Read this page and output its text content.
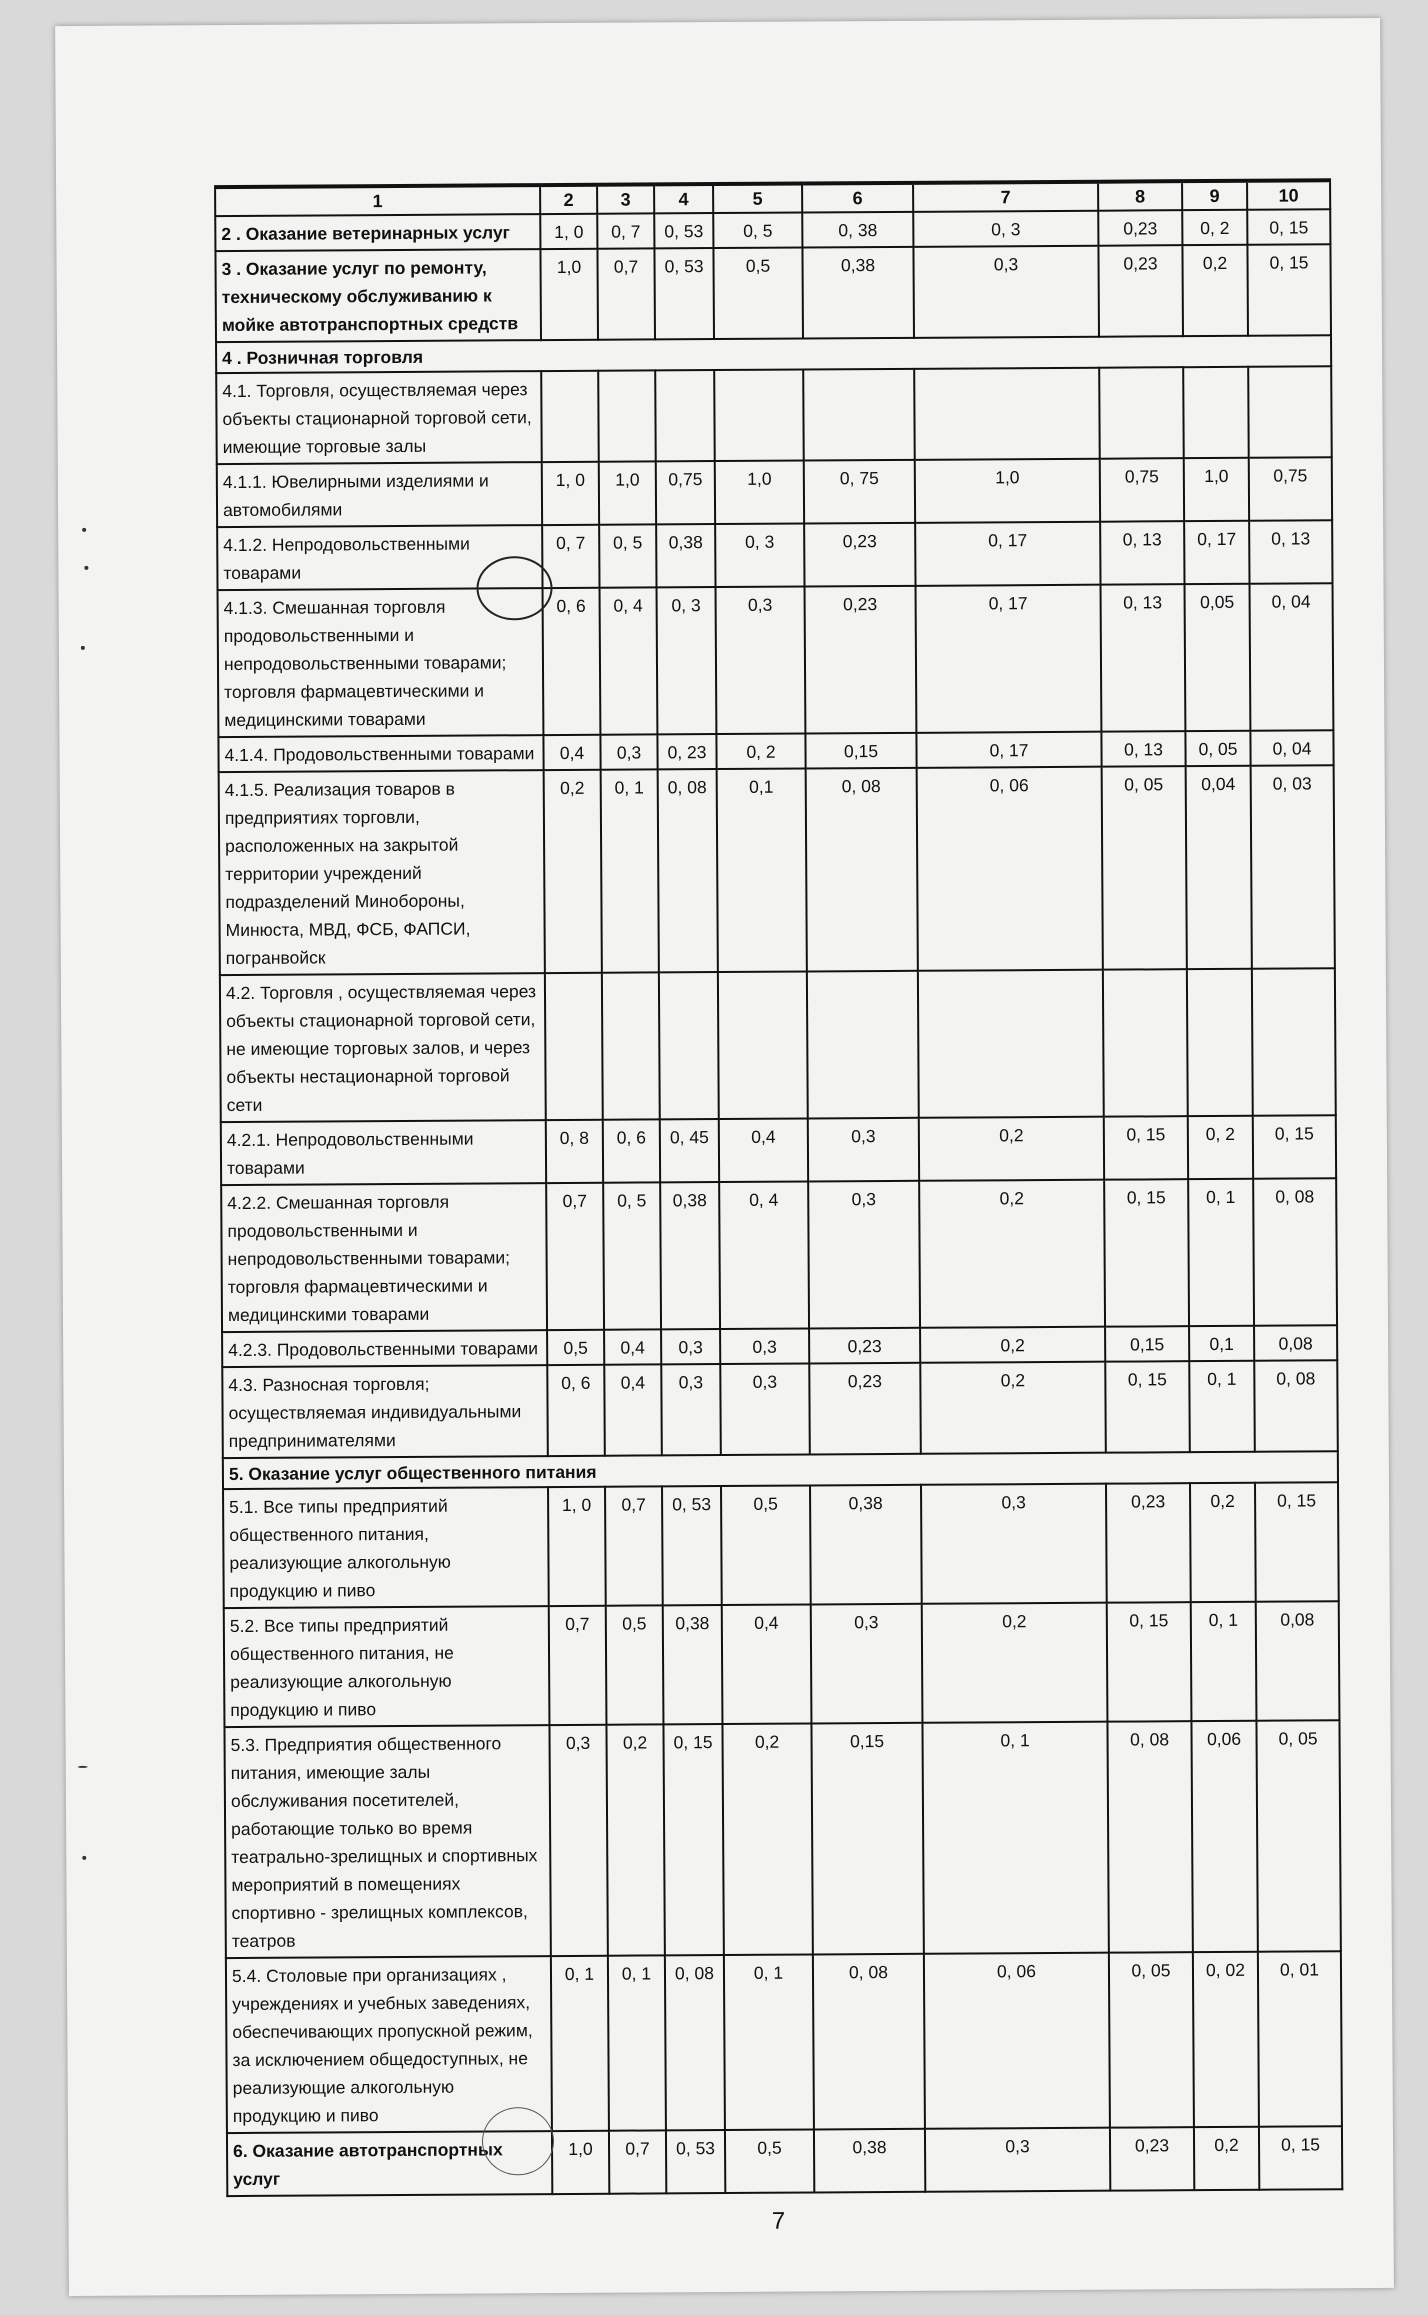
1	2	3	4	5	6	7	8	9	10
2 . Оказание ветеринарных услуг	1, 0	0, 7	0, 53	0, 5	0, 38	0, 3	0,23	0, 2	0, 15
3 . Оказание услуг по ремонту, техническому обслуживанию к мойке автотранспортных средств	1,0	0,7	0, 53	0,5	0,38	0,3	0,23	0,2	0, 15
4 . Розничная торговля									
4.1. Торговля, осуществляемая через объекты стационарной торговой сети, имеющие торговые залы									
4.1.1. Ювелирными изделиями и автомобилями	1, 0	1,0	0,75	1,0	0, 75	1,0	0,75	1,0	0,75
4.1.2. Непродовольственными товарами	0, 7	0, 5	0,38	0, 3	0,23	0, 17	0, 13	0, 17	0, 13
4.1.3. Смешанная торговля продовольственными и непродовольственными товарами; торговля фармацевтическими и медицинскими товарами	0, 6	0, 4	0, 3	0,3	0,23	0, 17	0, 13	0,05	0, 04
4.1.4. Продовольственными товарами	0,4	0,3	0, 23	0, 2	0,15	0, 17	0, 13	0, 05	0, 04
4.1.5. Реализация товаров в предприятиях торговли, расположенных на закрытой территории учреждений подразделений Минобороны, Минюста, МВД, ФСБ, ФАПСИ, погранвойск	0,2	0, 1	0, 08	0,1	0, 08	0, 06	0, 05	0,04	0, 03
4.2. Торговля , осуществляемая через объекты стационарной торговой сети, не имеющие торговых залов, и через объекты нестационарной торговой сети									
4.2.1. Непродовольственными товарами	0, 8	0, 6	0, 45	0,4	0,3	0,2	0, 15	0, 2	0, 15
4.2.2. Смешанная торговля продовольственными и непродовольственными товарами; торговля фармацевтическими и медицинскими товарами	0,7	0, 5	0,38	0, 4	0,3	0,2	0, 15	0, 1	0, 08
4.2.3. Продовольственными товарами	0,5	0,4	0,3	0,3	0,23	0,2	0,15	0,1	0,08
4.3. Разносная торговля; осуществляемая индивидуальными предпринимателями	0, 6	0,4	0,3	0,3	0,23	0,2	0, 15	0, 1	0, 08
5. Оказание услуг общественного питания									
5.1. Все типы предприятий общественного питания, реализующие алкогольную продукцию и пиво	1, 0	0,7	0, 53	0,5	0,38	0,3	0,23	0,2	0, 15
5.2. Все типы предприятий общественного питания, не реализующие алкогольную продукцию и пиво	0,7	0,5	0,38	0,4	0,3	0,2	0, 15	0, 1	0,08
5.3. Предприятия общественного питания, имеющие залы обслуживания посетителей, работающие только во время театрально-зрелищных и спортивных мероприятий в помещениях спортивно - зрелищных комплексов, театров	0,3	0,2	0, 15	0,2	0,15	0, 1	0, 08	0,06	0, 05
5.4. Столовые при организациях , учреждениях и учебных заведениях, обеспечивающих пропускной режим, за исключением общедоступных, не реализующие алкогольную продукцию и пиво	0, 1	0, 1	0, 08	0, 1	0, 08	0, 06	0, 05	0, 02	0, 01
6. Оказание автотранспортных услуг	1,0	0,7	0, 53	0,5	0,38	0,3	0,23	0,2	0, 15
7
